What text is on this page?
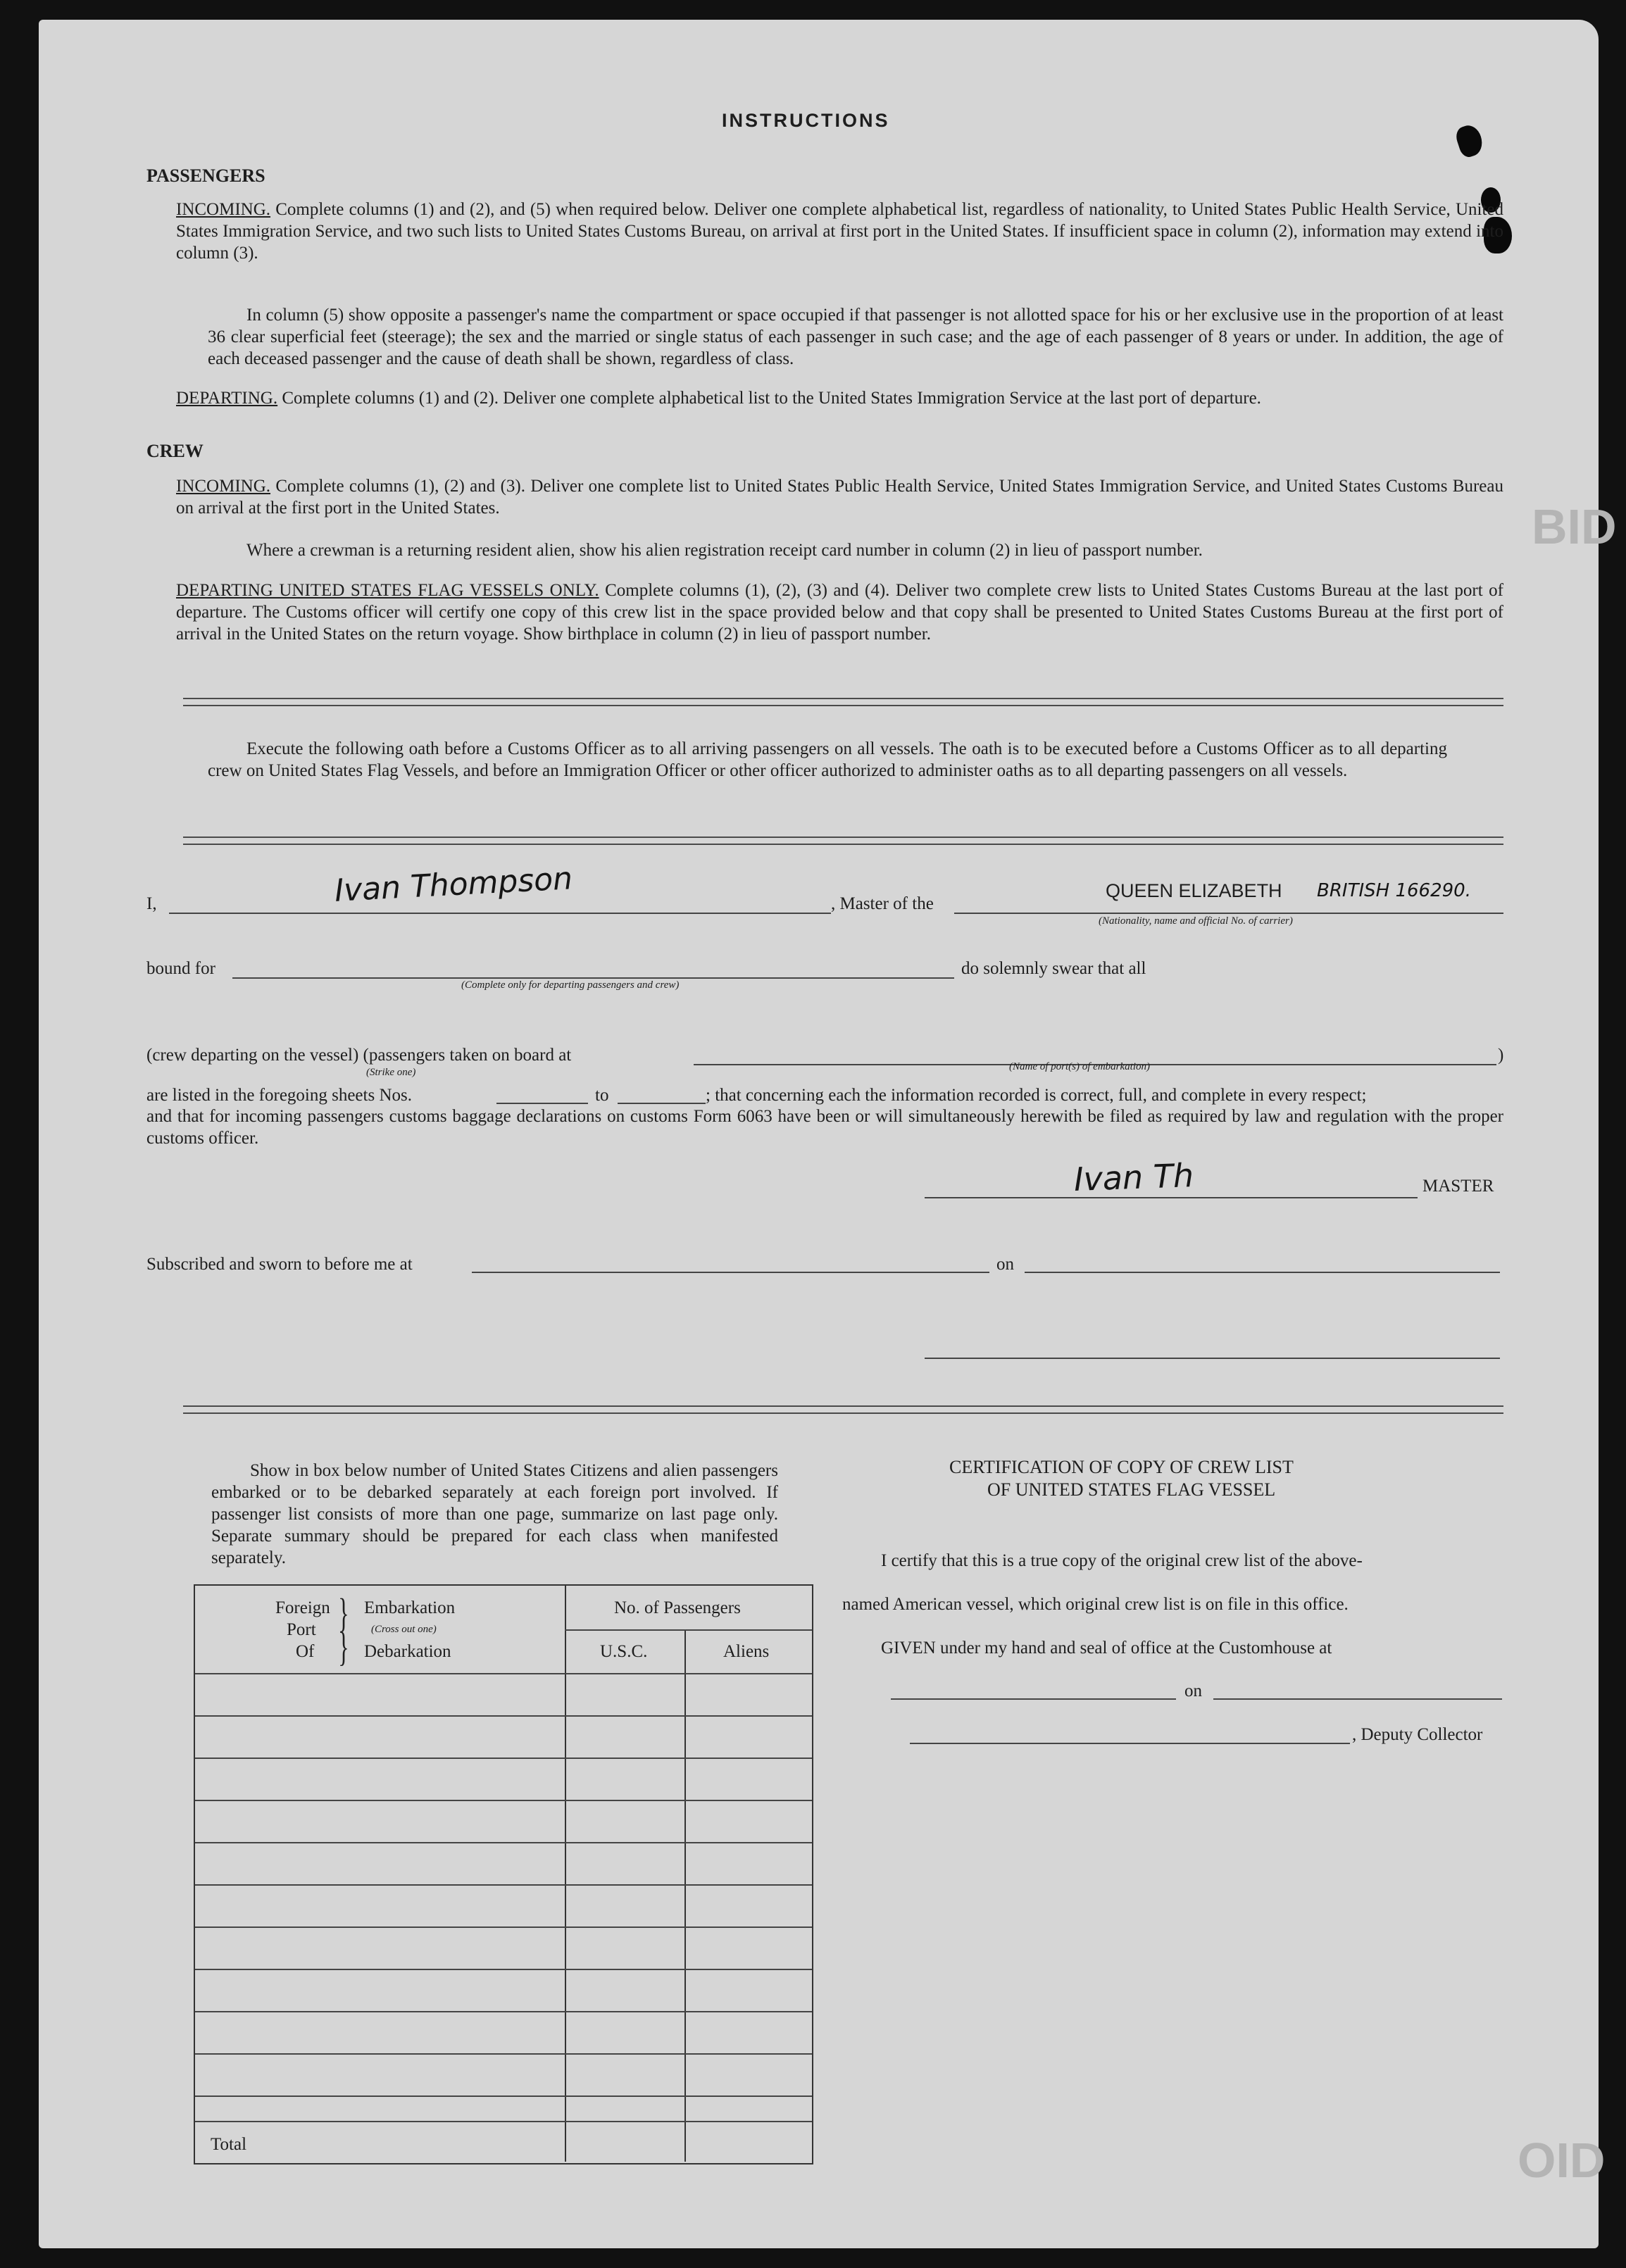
BID
OID
INSTRUCTIONS
PASSENGERS
INCOMING. Complete columns (1) and (2), and (5) when required below. Deliver one complete alphabetical list, regardless of nationality, to United States Public Health Service, United States Immigration Service, and two such lists to United States Customs Bureau, on arrival at first port in the United States. If insufficient space in column (2), information may extend into column (3).
In column (5) show opposite a passenger's name the compartment or space occupied if that passenger is not allotted space for his or her exclusive use in the proportion of at least 36 clear superficial feet (steerage); the sex and the married or single status of each passenger in such case; and the age of each passenger of 8 years or under. In addition, the age of each deceased passenger and the cause of death shall be shown, regardless of class.
DEPARTING. Complete columns (1) and (2). Deliver one complete alphabetical list to the United States Immigration Service at the last port of departure.
CREW
INCOMING. Complete columns (1), (2) and (3). Deliver one complete list to United States Public Health Service, United States Immigration Service, and United States Customs Bureau on arrival at the first port in the United States.
Where a crewman is a returning resident alien, show his alien registration receipt card number in column (2) in lieu of passport number.
DEPARTING UNITED STATES FLAG VESSELS ONLY. Complete columns (1), (2), (3) and (4). Deliver two complete crew lists to United States Customs Bureau at the last port of departure. The Customs officer will certify one copy of this crew list in the space provided below and that copy shall be presented to United States Customs Bureau at the first port of arrival in the United States on the return voyage. Show birthplace in column (2) in lieu of passport number.
Execute the following oath before a Customs Officer as to all arriving passengers on all vessels. The oath is to be executed before a Customs Officer as to all departing crew on United States Flag Vessels, and before an Immigration Officer or other officer authorized to administer oaths as to all departing passengers on all vessels.
I,	Ivan Thompson	, Master of the
QUEEN ELIZABETH BRITISH 166290.
(Nationality, name and official No. of carrier)
bound for
(Complete only for departing passengers and crew)
do solemnly swear that all
(crew departing on the vessel) (passengers taken on board at
(Strike one)
)
(Name of port(s) of embarkation)
are listed in the foregoing sheets Nos.	to	; that concerning each the information recorded is correct, full, and complete in every respect;
and that for incoming passengers customs baggage declarations on customs Form 6063 have been or will simultaneously herewith be filed as required by law and regulation with the proper customs officer.
Ivan Th	MASTER
Subscribed and sworn to before me at	on
Show in box below number of United States Citizens and alien passengers embarked or to be debarked separately at each foreign port involved. If passenger list consists of more than one page, summarize on last page only. Separate summary should be prepared for each class when manifested separately.
Foreign
Port
Of
}
}
Embarkation
(Cross out one)
Debarkation
No. of Passengers
U.S.C.	Aliens
Total
CERTIFICATION OF COPY OF CREW LIST
OF UNITED STATES FLAG VESSEL
I certify that this is a true copy of the original crew list of the above-
named American vessel, which original crew list is on file in this office.
GIVEN under my hand and seal of office at the Customhouse at
on
, Deputy Collector
